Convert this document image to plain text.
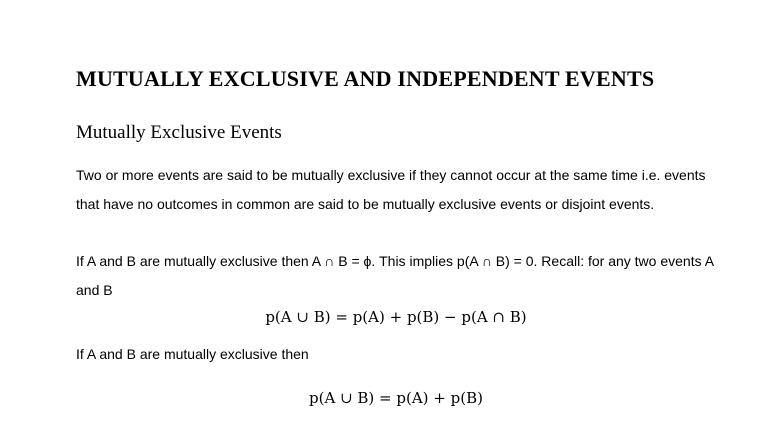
MUTUALLY EXCLUSIVE AND INDEPENDENT EVENTS
Mutually Exclusive Events

Two or more events are said to be mutually exclusive if they cannot occur at the same time i.e. events that have no outcomes in common are said to be mutually exclusive events or disjoint events.

If A and B are mutually exclusive then A ∩ B = ϕ. This implies p(A ∩ B) = 0. Recall: for any two events A and B

p(A ∪ B) = p(A) + p(B) − p(A ∩ B)

If A and B are mutually exclusive then

p(A ∪ B) = p(A) + p(B)
